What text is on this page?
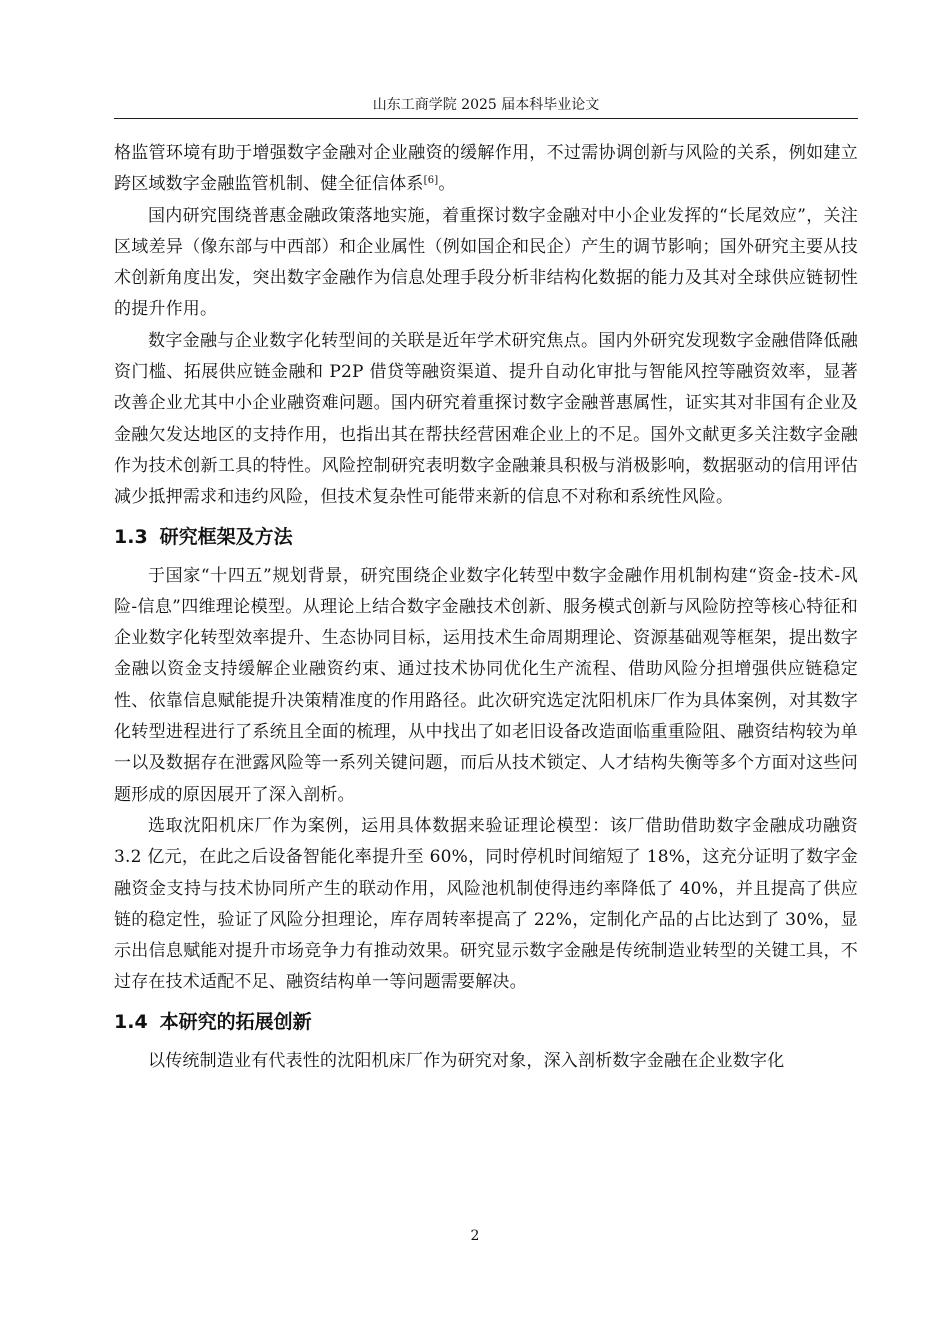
山东工商学院 2025 届本科毕业论文

格监管环境有助于增强数字金融对企业融资的缓解作用，不过需协调创新与风险的关系，例如建立跨区域数字金融监管机制、健全征信体系[6]。

国内研究围绕普惠金融政策落地实施，着重探讨数字金融对中小企业发挥的“长尾效应”，关注区域差异（像东部与中西部）和企业属性（例如国企和民企）产生的调节影响；国外研究主要从技术创新角度出发，突出数字金融作为信息处理手段分析非结构化数据的能力及其对全球供应链韧性的提升作用。

数字金融与企业数字化转型间的关联是近年学术研究焦点。国内外研究发现数字金融借降低融资门槛、拓展供应链金融和 P2P 借贷等融资渠道、提升自动化审批与智能风控等融资效率，显著改善企业尤其中小企业融资难问题。国内研究着重探讨数字金融普惠属性，证实其对非国有企业及金融欠发达地区的支持作用，也指出其在帮扶经营困难企业上的不足。国外文献更多关注数字金融作为技术创新工具的特性。风险控制研究表明数字金融兼具积极与消极影响，数据驱动的信用评估减少抵押需求和违约风险，但技术复杂性可能带来新的信息不对称和系统性风险。

1.3 研究框架及方法

于国家“十四五”规划背景，研究围绕企业数字化转型中数字金融作用机制构建“资金-技术-风险-信息”四维理论模型。从理论上结合数字金融技术创新、服务模式创新与风险防控等核心特征和企业数字化转型效率提升、生态协同目标，运用技术生命周期理论、资源基础观等框架，提出数字金融以资金支持缓解企业融资约束、通过技术协同优化生产流程、借助风险分担增强供应链稳定性、依靠信息赋能提升决策精准度的作用路径。此次研究选定沈阳机床厂作为具体案例，对其数字化转型进程进行了系统且全面的梳理，从中找出了如老旧设备改造面临重重险阻、融资结构较为单一以及数据存在泄露风险等一系列关键问题，而后从技术锁定、人才结构失衡等多个方面对这些问题形成的原因展开了深入剖析。

选取沈阳机床厂作为案例，运用具体数据来验证理论模型：该厂借助借助数字金融成功融资 3.2 亿元，在此之后设备智能化率提升至 60%，同时停机时间缩短了 18%，这充分证明了数字金融资金支持与技术协同所产生的联动作用，风险池机制使得违约率降低了 40%，并且提高了供应链的稳定性，验证了风险分担理论，库存周转率提高了 22%，定制化产品的占比达到了 30%，显示出信息赋能对提升市场竞争力有推动效果。研究显示数字金融是传统制造业转型的关键工具，不过存在技术适配不足、融资结构单一等问题需要解决。

1.4 本研究的拓展创新

以传统制造业有代表性的沈阳机床厂作为研究对象，深入剖析数字金融在企业数字化

2
